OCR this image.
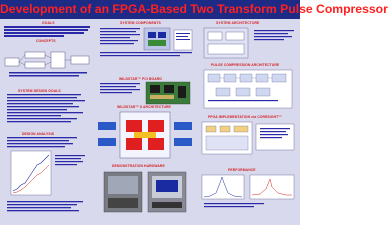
Development of an FPGA-Based Two Transform Pulse Compressor
GOALS
CONCEPTS
SYSTEM DESIGN GOALS
DESIGN ANALYSIS
SYSTEM COMPONENTS
WILDSTAR™ PCI BOARD
WILDSTAR™ II ARCHITECTURE
DEMONSTRATION HARDWARE
SYSTEM ARCHITECTURE
PULSE COMPRESSION ARCHITECTURE
FPGA IMPLEMENTATION via CORESIGHT™
PERFORMANCE
